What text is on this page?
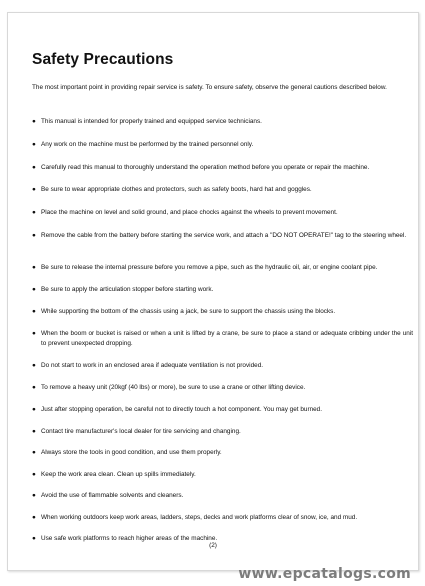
Safety Precautions

The most important point in providing repair service is safety. To ensure safety, observe the general cautions described below.

● This manual is intended for properly trained and equipped service technicians.
● Any work on the machine must be performed by the trained personnel only.
● Carefully read this manual to thoroughly understand the operation method before you operate or repair the machine.
● Be sure to wear appropriate clothes and protectors, such as safety boots, hard hat and goggles.
● Place the machine on level and solid ground, and place chocks against the wheels to prevent movement.
● Remove the cable from the battery before starting the service work, and attach a "DO NOT OPERATE!" tag to the steering wheel.
● Be sure to release the internal pressure before you remove a pipe, such as the hydraulic oil, air, or engine coolant pipe.
● Be sure to apply the articulation stopper before starting work.
● While supporting the bottom of the chassis using a jack, be sure to support the chassis using the blocks.
● When the boom or bucket is raised or when a unit is lifted by a crane, be sure to place a stand or adequate cribbing under the unit to prevent unexpected dropping.
● Do not start to work in an enclosed area if adequate ventilation is not provided.
● To remove a heavy unit (20kgf (40 lbs) or more), be sure to use a crane or other lifting device.
● Just after stopping operation, be careful not to directly touch a hot component. You may get burned.
● Contact tire manufacturer's local dealer for tire servicing and changing.
● Always store the tools in good condition, and use them properly.
● Keep the work area clean. Clean up spills immediately.
● Avoid the use of flammable solvents and cleaners.
● When working outdoors keep work areas, ladders, steps, decks and work platforms clear of snow, ice, and mud.
● Use safe work platforms to reach higher areas of the machine.
(2)
www.epcatalogs.com
